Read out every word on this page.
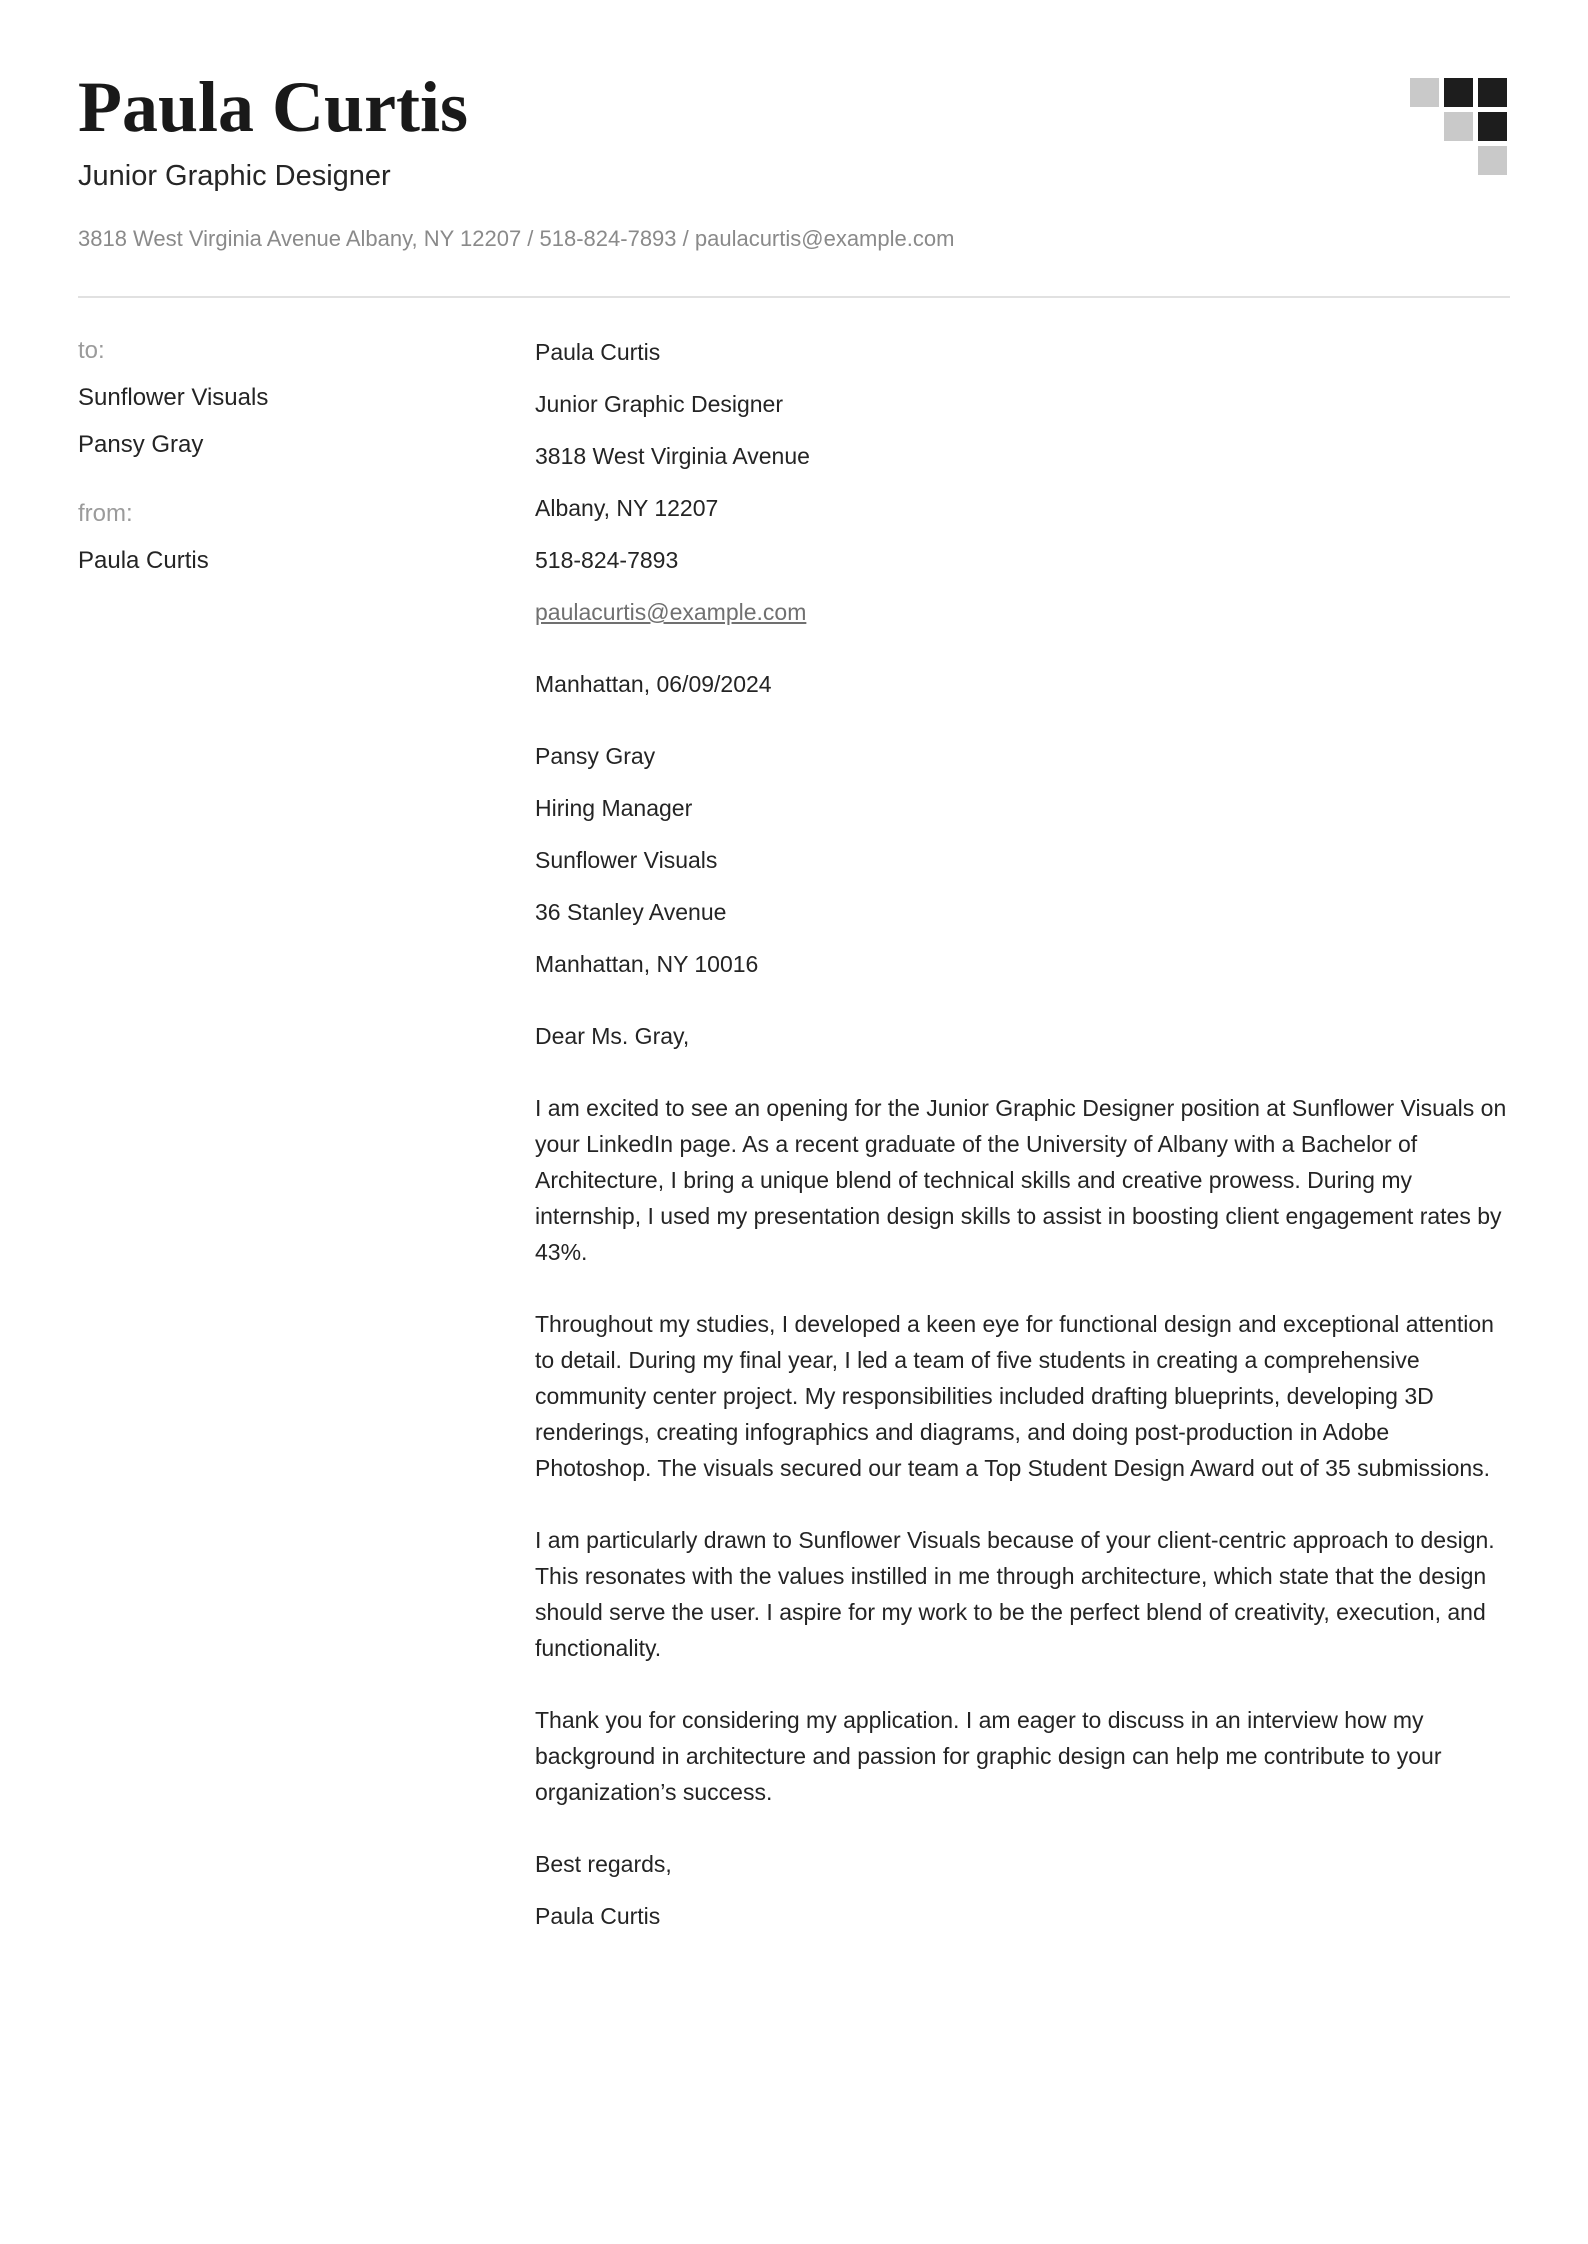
Paula Curtis
Junior Graphic Designer
3818 West Virginia Avenue Albany, NY 12207 / 518-824-7893 / paulacurtis@example.com

to:

Sunflower Visuals

Pansy Gray

from:

Paula Curtis

Paula Curtis

Junior Graphic Designer

3818 West Virginia Avenue

Albany, NY 12207

518-824-7893

paulacurtis@example.com

Manhattan, 06/09/2024

Pansy Gray

Hiring Manager

Sunflower Visuals

36 Stanley Avenue

Manhattan, NY 10016

Dear Ms. Gray,

I am excited to see an opening for the Junior Graphic Designer position at Sunflower Visuals on your LinkedIn page. As a recent graduate of the University of Albany with a Bachelor of Architecture, I bring a unique blend of technical skills and creative prowess. During my internship, I used my presentation design skills to assist in boosting client engagement rates by 43%.

Throughout my studies, I developed a keen eye for functional design and exceptional attention to detail. During my final year, I led a team of five students in creating a comprehensive community center project. My responsibilities included drafting blueprints, developing 3D renderings, creating infographics and diagrams, and doing post-production in Adobe Photoshop. The visuals secured our team a Top Student Design Award out of 35 submissions.

I am particularly drawn to Sunflower Visuals because of your client-centric approach to design. This resonates with the values instilled in me through architecture, which state that the design should serve the user. I aspire for my work to be the perfect blend of creativity, execution, and functionality.

Thank you for considering my application. I am eager to discuss in an interview how my background in architecture and passion for graphic design can help me contribute to your organization’s success.

Best regards,

Paula Curtis
